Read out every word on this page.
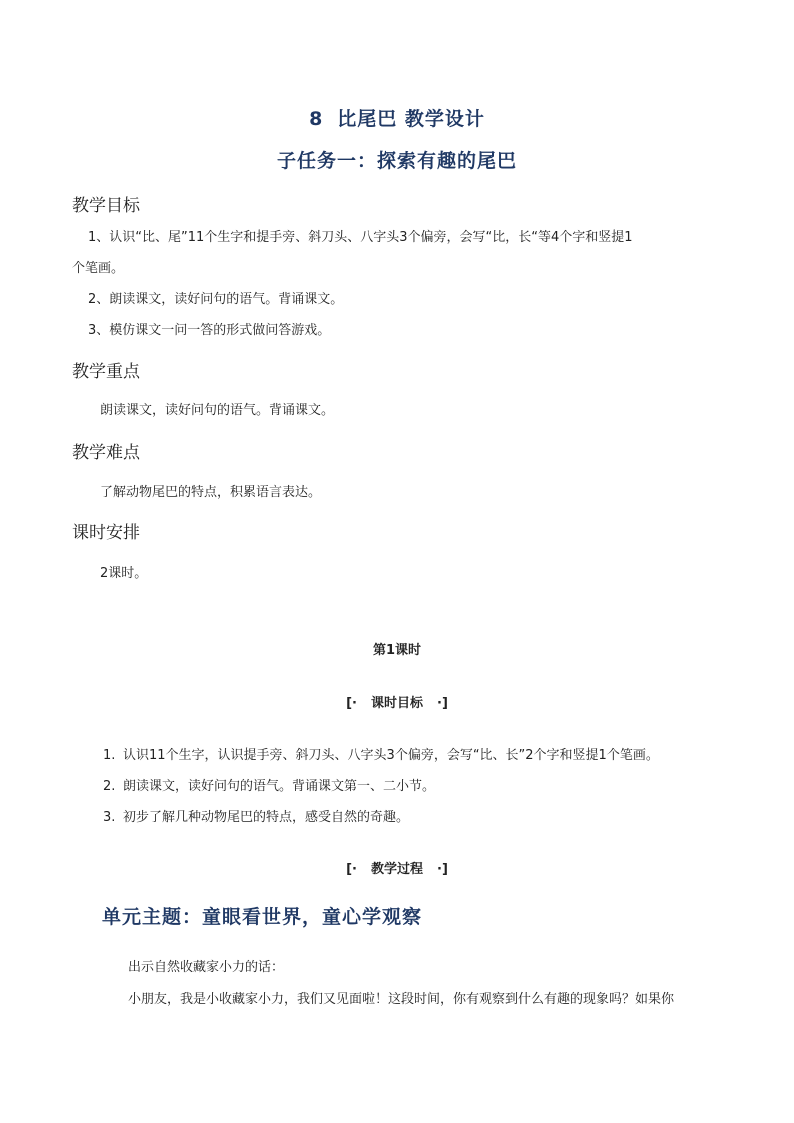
8 比尾巴 教学设计
子任务一：探索有趣的尾巴
教学目标
1、认识“比、尾”11个生字和提手旁、斜刀头、八字头3个偏旁，会写“比，长“等4个字和竖提1
个笔画。
2、朗读课文，读好问句的语气。背诵课文。
3、模仿课文一问一答的形式做问答游戏。
教学重点
朗读课文，读好问句的语气。背诵课文。
教学难点
了解动物尾巴的特点，积累语言表达。
课时安排
2课时。
第1课时
[· 课时目标 ·]
1. 认识11个生字，认识提手旁、斜刀头、八字头3个偏旁，会写“比、长”2个字和竖提1个笔画。
2. 朗读课文，读好问句的语气。背诵课文第一、二小节。
3. 初步了解几种动物尾巴的特点，感受自然的奇趣。
[· 教学过程 ·]
单元主题：童眼看世界，童心学观察
出示自然收藏家小力的话：
小朋友，我是小收藏家小力，我们又见面啦！这段时间，你有观察到什么有趣的现象吗？如果你
